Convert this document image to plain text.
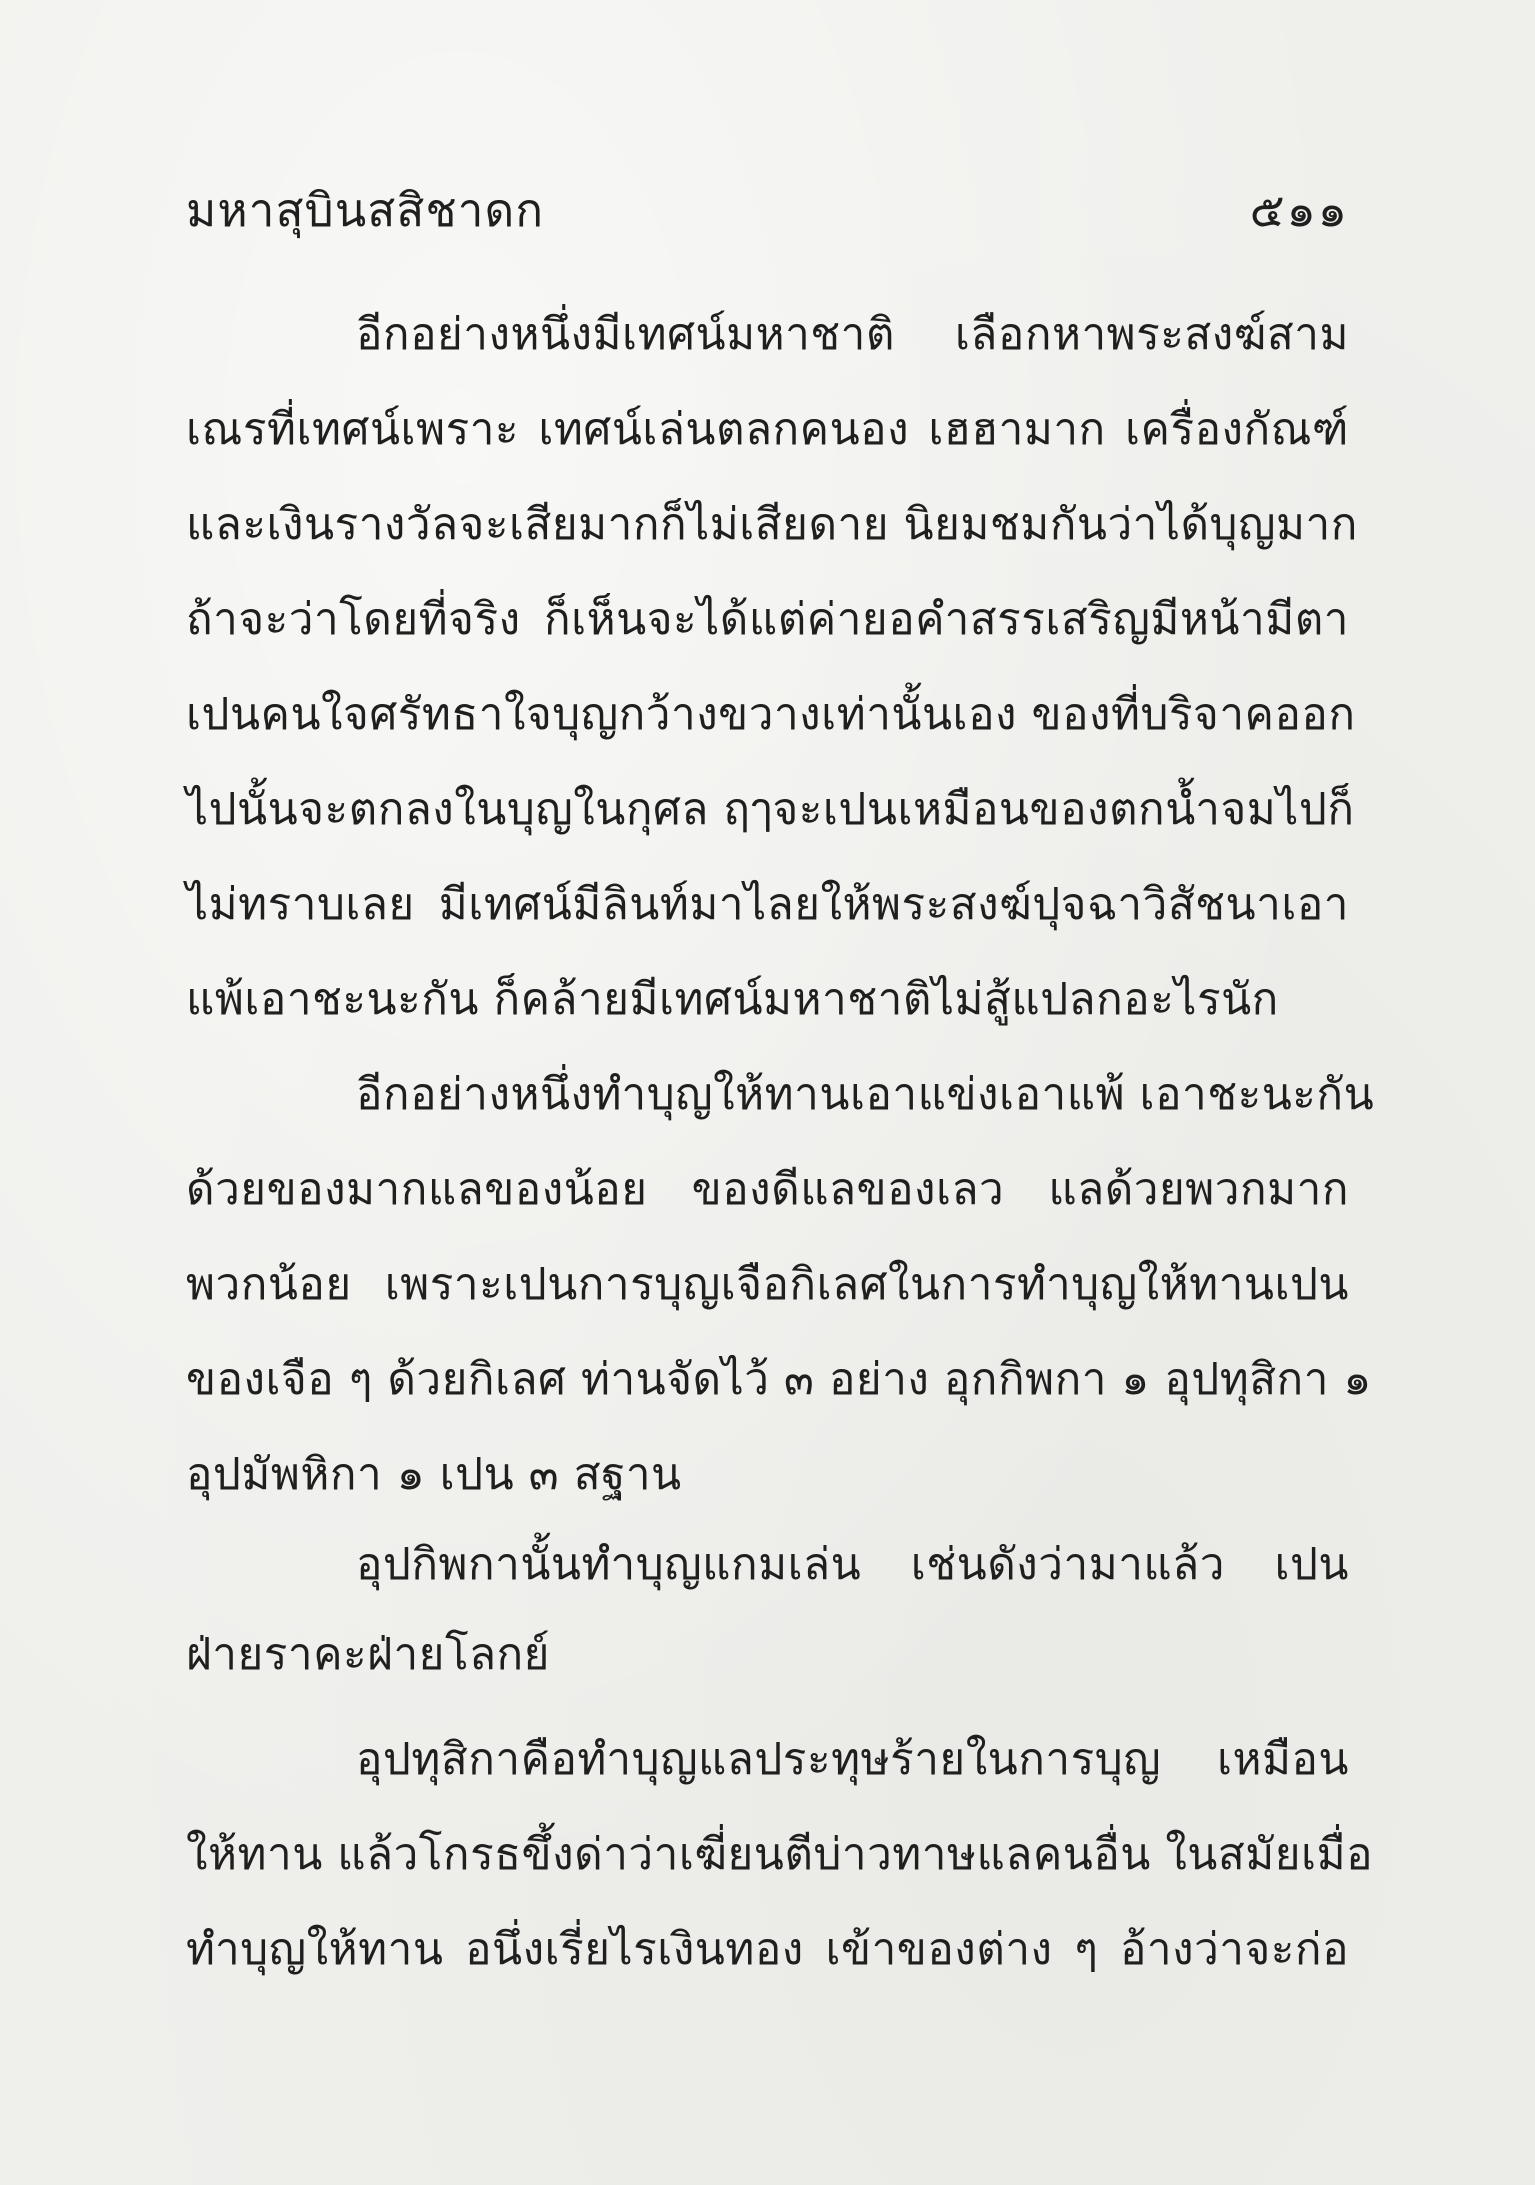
มหาสุบินสสิชาดก	๕๑๑
อีกอย่างหนึ่งมีเทศน์มหาชาติ เลือกหาพระสงฆ์สาม
เณรที่เทศน์เพราะ เทศน์เล่นตลกคนอง เฮฮามาก เครื่องกัณฑ์
และเงินรางวัลจะเสียมากก็ไม่เสียดาย นิยมชมกันว่าได้บุญมาก
ถ้าจะว่าโดยที่จริง ก็เห็นจะได้แต่ค่ายอคำสรรเสริญมีหน้ามีตา
เปนคนใจศรัทธาใจบุญกว้างขวางเท่านั้นเอง ของที่บริจาคออก
ไปนั้นจะตกลงในบุญในกุศล ฤๅจะเปนเหมือนของตกน้ำจมไปก็
ไม่ทราบเลย มีเทศน์มีลินท์มาไลยให้พระสงฆ์ปุจฉาวิสัชนาเอา
แพ้เอาชะนะกัน ก็คล้ายมีเทศน์มหาชาติไม่สู้แปลกอะไรนัก
อีกอย่างหนึ่งทำบุญให้ทานเอาแข่งเอาแพ้ เอาชะนะกัน
ด้วยของมากแลของน้อย ของดีแลของเลว แลด้วยพวกมาก
พวกน้อย เพราะเปนการบุญเจือกิเลศในการทำบุญให้ทานเปน
ของเจือ ๆ ด้วยกิเลศ ท่านจัดไว้ ๓ อย่าง อุกกิพกา ๑ อุปทุสิกา ๑
อุปมัพหิกา ๑ เปน ๓ สฐาน
อุปกิพกานั้นทำบุญแกมเล่น เช่นดังว่ามาแล้ว เปน
ฝ่ายราคะฝ่ายโลกย์
อุปทุสิกาคือทำบุญแลประทุษร้ายในการบุญ เหมือน
ให้ทาน แล้วโกรธขึ้งด่าว่าเฆี่ยนตีบ่าวทาษแลคนอื่น ในสมัยเมื่อ
ทำบุญให้ทาน อนึ่งเรี่ยไรเงินทอง เข้าของต่าง ๆ อ้างว่าจะก่อ
